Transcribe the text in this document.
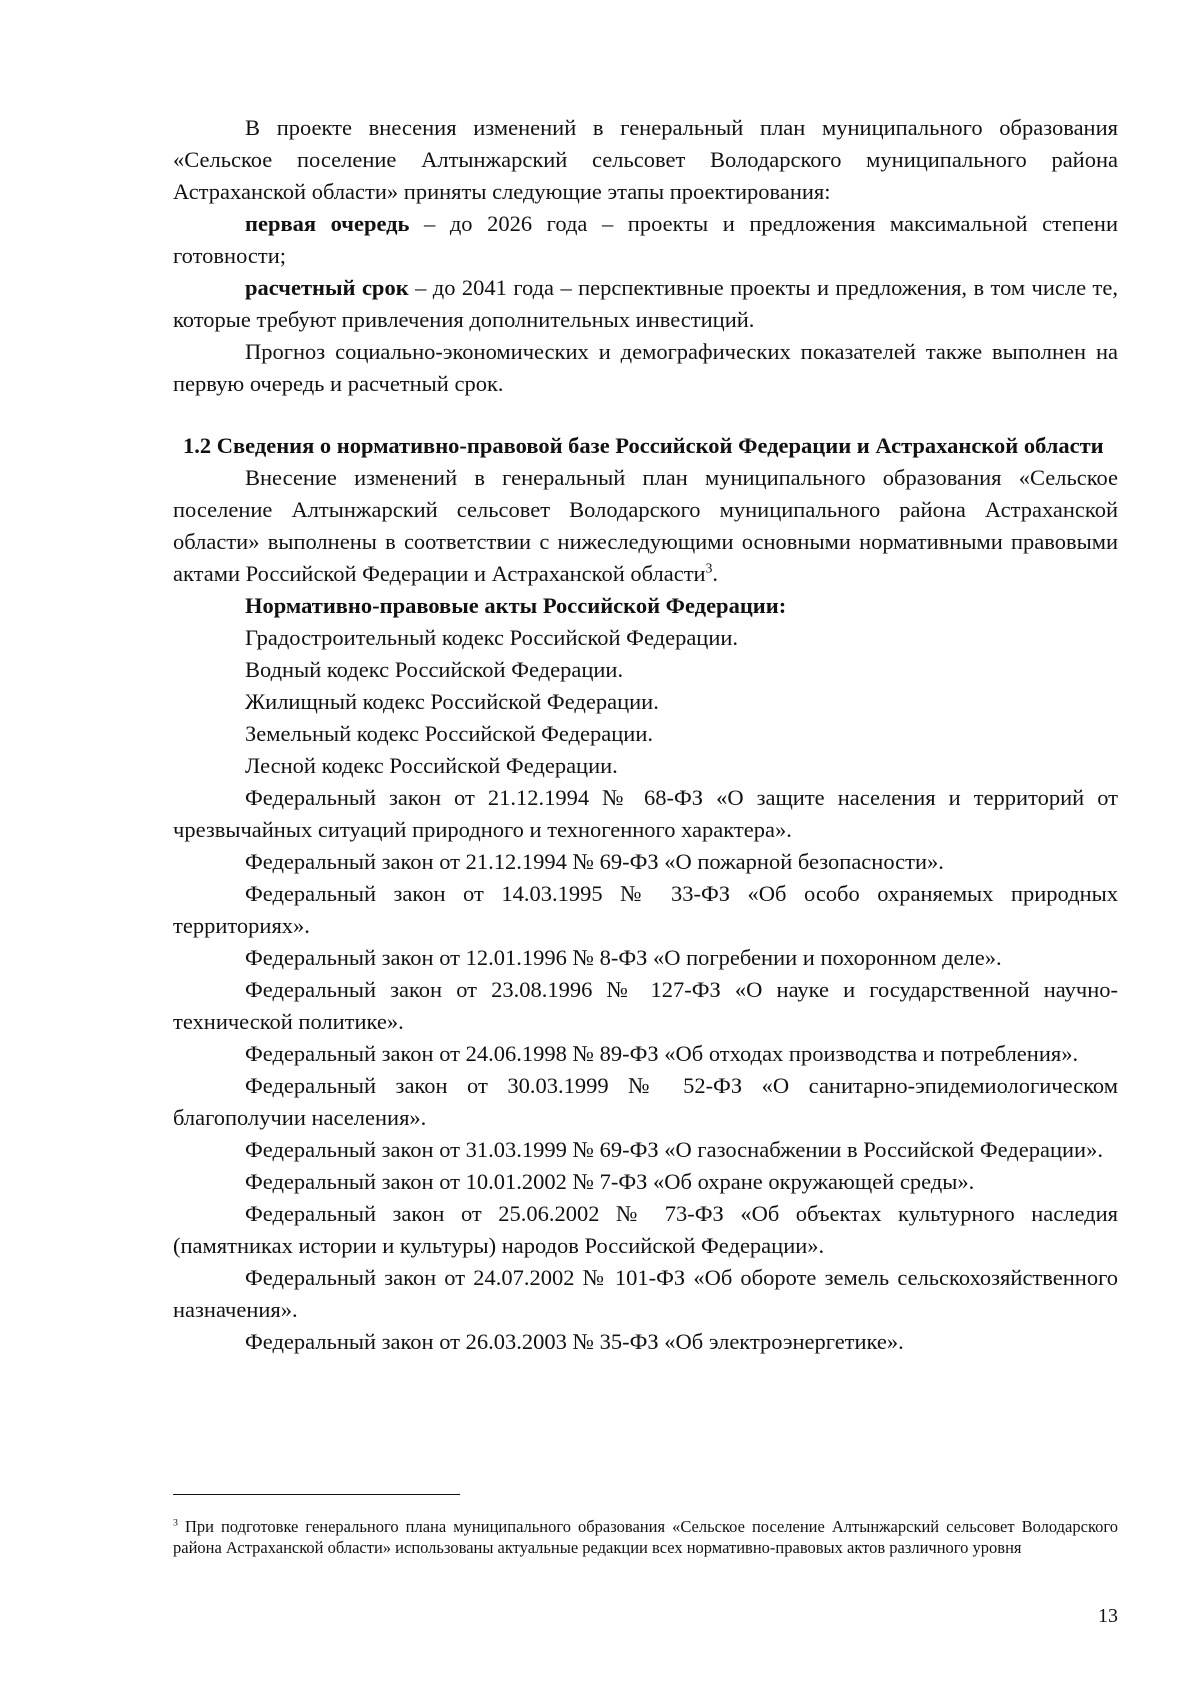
В проекте внесения изменений в генеральный план муниципального образования «Сельское поселение Алтынжарский сельсовет Володарского муниципального района Астраханской области» приняты следующие этапы проектирования:

первая очередь – до 2026 года – проекты и предложения максимальной степени готовности;

расчетный срок – до 2041 года – перспективные проекты и предложения, в том числе те, которые требуют привлечения дополнительных инвестиций.

Прогноз социально-экономических и демографических показателей также выполнен на первую очередь и расчетный срок.

1.2 Сведения о нормативно-правовой базе Российской Федерации и Астраханской области

Внесение изменений в генеральный план муниципального образования «Сельское поселение Алтынжарский сельсовет Володарского муниципального района Астраханской области» выполнены в соответствии с нижеследующими основными нормативными правовыми актами Российской Федерации и Астраханской области$^3$.

Нормативно-правовые акты Российской Федерации:

Градостроительный кодекс Российской Федерации.

Водный кодекс Российской Федерации.

Жилищный кодекс Российской Федерации.

Земельный кодекс Российской Федерации.

Лесной кодекс Российской Федерации.

Федеральный закон от 21.12.1994 № 68-ФЗ «О защите населения и территорий от чрезвычайных ситуаций природного и техногенного характера».

Федеральный закон от 21.12.1994 № 69-ФЗ «О пожарной безопасности».

Федеральный закон от 14.03.1995 № 33-ФЗ «Об особо охраняемых природных территориях».

Федеральный закон от 12.01.1996 № 8-ФЗ «О погребении и похоронном деле».

Федеральный закон от 23.08.1996 № 127-ФЗ «О науке и государственной научно-технической политике».

Федеральный закон от 24.06.1998 № 89-ФЗ «Об отходах производства и потребления».

Федеральный закон от 30.03.1999 № 52-ФЗ «О санитарно-эпидемиологическом благополучии населения».

Федеральный закон от 31.03.1999 № 69-ФЗ «О газоснабжении в Российской Федерации».

Федеральный закон от 10.01.2002 № 7-ФЗ «Об охране окружающей среды».

Федеральный закон от 25.06.2002 № 73-ФЗ «Об объектах культурного наследия (памятниках истории и культуры) народов Российской Федерации».

Федеральный закон от 24.07.2002 № 101-ФЗ «Об обороте земель сельскохозяйственного назначения».

Федеральный закон от 26.03.2003 № 35-ФЗ «Об электроэнергетике».

$^3$ При подготовке генерального плана муниципального образования «Сельское поселение Алтынжарский сельсовет Володарского района Астраханской области» использованы актуальные редакции всех нормативно-правовых актов различного уровня
13
